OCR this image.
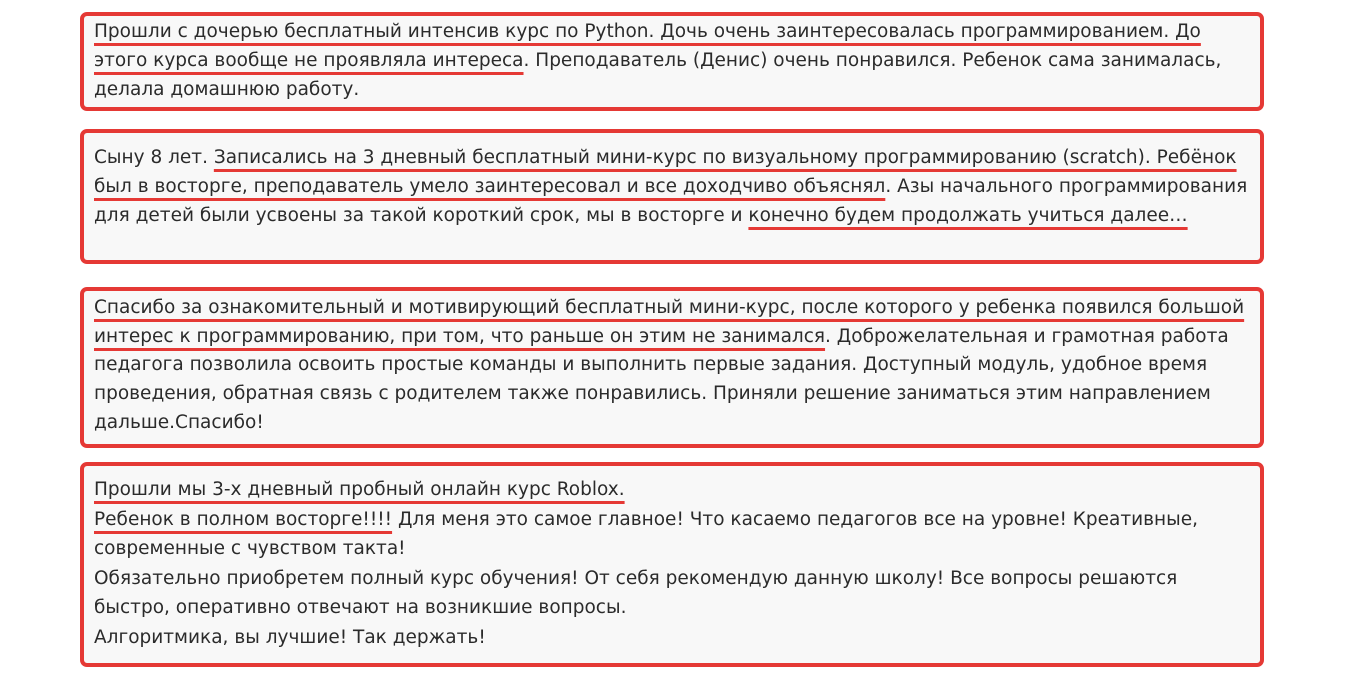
Прошли с дочерью бесплатный интенсив курс по Python. Дочь очень заинтересовалась программированием. До этого курса вообще не проявляла интереса. Преподаватель (Денис) очень понравился. Ребенок сама занималась, делала домашнюю работу.

Сыну 8 лет. Записались на 3 дневный бесплатный мини-курс по визуальному программированию (scratch). Ребёнок был в восторге, преподаватель умело заинтересовал и все доходчиво объяснял. Азы начального программирования для детей были усвоены за такой короткий срок, мы в восторге и конечно будем продолжать учиться далее…

Спасибо за ознакомительный и мотивирующий бесплатный мини-курс, после которого у ребенка появился большой интерес к программированию, при том, что раньше он этим не занимался. Доброжелательная и грамотная работа педагога позволила освоить простые команды и выполнить первые задания. Доступный модуль, удобное время проведения, обратная связь с родителем также понравились. Приняли решение заниматься этим направлением дальше.Спасибо!

Прошли мы 3-х дневный пробный онлайн курс Roblox.
Ребенок в полном восторге!!!! Для меня это самое главное! Что касаемо педагогов все на уровне! Креативные, современные с чувством такта!
Обязательно приобретем полный курс обучения! От себя рекомендую данную школу! Все вопросы решаются быстро, оперативно отвечают на возникшие вопросы.
Алгоритмика, вы лучшие! Так держать!
